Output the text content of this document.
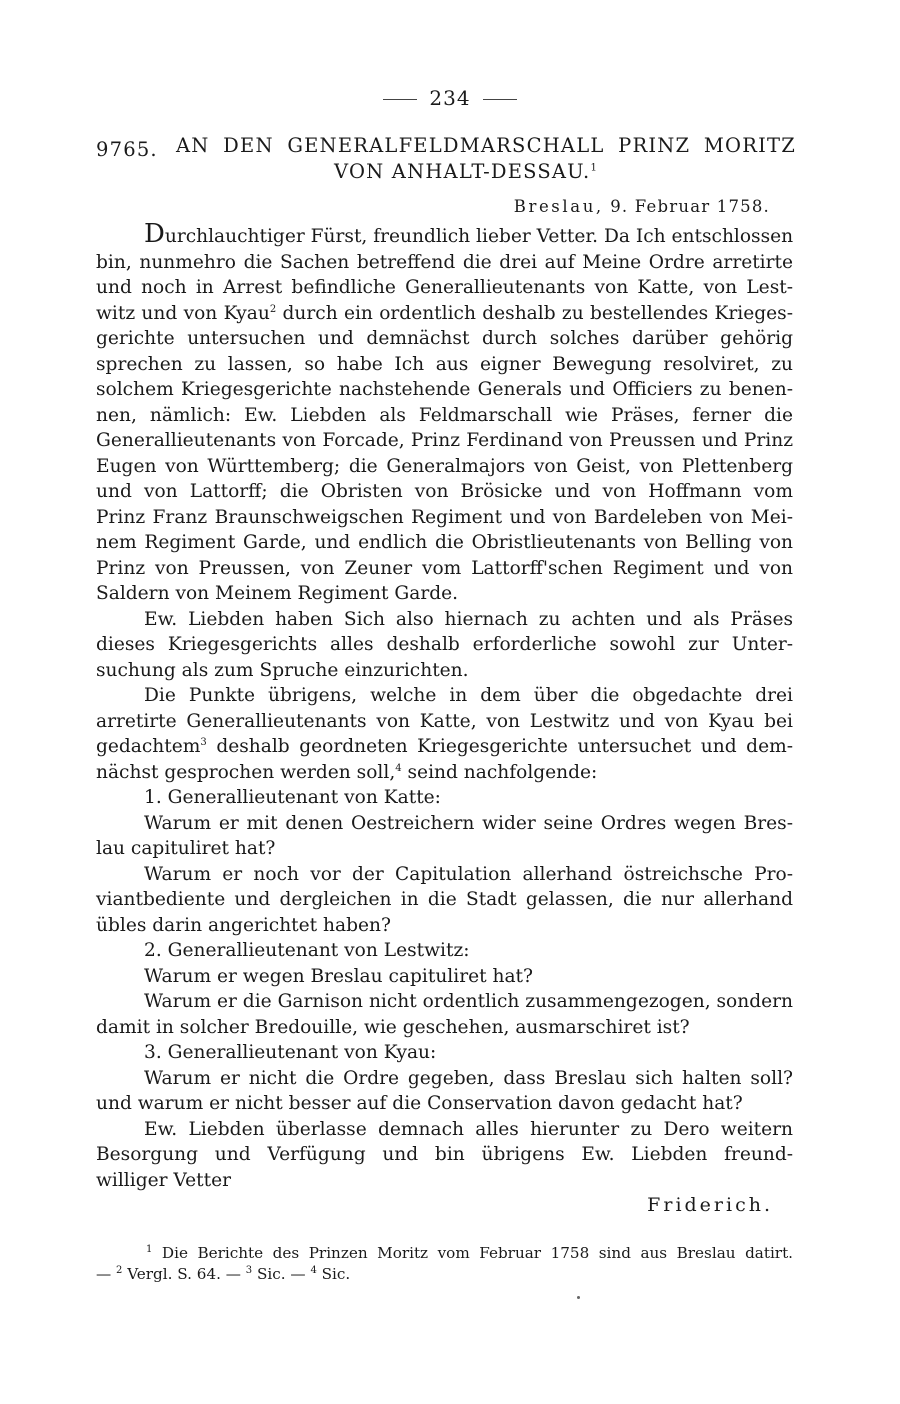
234
9765. AN DEN GENERALFELDMARSCHALL PRINZ MORITZ
VON ANHALT-DESSAU.$^1$
Breslau, 9. Februar 1758.
Durchlauchtiger Fürst, freundlich lieber Vetter. Da Ich entschlossen
bin, nunmehro die Sachen betreffend die drei auf Meine Ordre arretirte
und noch in Arrest befindliche Generallieutenants von Katte, von Lest-
witz und von Kyau$^2$ durch ein ordentlich deshalb zu bestellendes Krieges-
gerichte untersuchen und demnächst durch solches darüber gehörig
sprechen zu lassen, so habe Ich aus eigner Bewegung resolviret, zu
solchem Kriegesgerichte nachstehende Generals und Officiers zu benen-
nen, nämlich: Ew. Liebden als Feldmarschall wie Präses, ferner die
Generallieutenants von Forcade, Prinz Ferdinand von Preussen und Prinz
Eugen von Württemberg; die Generalmajors von Geist, von Plettenberg
und von Lattorff; die Obristen von Brösicke und von Hoffmann vom
Prinz Franz Braunschweigschen Regiment und von Bardeleben von Mei-
nem Regiment Garde, und endlich die Obristlieutenants von Belling von
Prinz von Preussen, von Zeuner vom Lattorff'schen Regiment und von
Saldern von Meinem Regiment Garde.
Ew. Liebden haben Sich also hiernach zu achten und als Präses
dieses Kriegesgerichts alles deshalb erforderliche sowohl zur Unter-
suchung als zum Spruche einzurichten.
Die Punkte übrigens, welche in dem über die obgedachte drei
arretirte Generallieutenants von Katte, von Lestwitz und von Kyau bei
gedachtem$^3$ deshalb geordneten Kriegesgerichte untersuchet und dem-
nächst gesprochen werden soll,$^4$ seind nachfolgende:
1. Generallieutenant von Katte:
Warum er mit denen Oestreichern wider seine Ordres wegen Bres-
lau capituliret hat?
Warum er noch vor der Capitulation allerhand östreichsche Pro-
viantbediente und dergleichen in die Stadt gelassen, die nur allerhand
übles darin angerichtet haben?
2. Generallieutenant von Lestwitz:
Warum er wegen Breslau capituliret hat?
Warum er die Garnison nicht ordentlich zusammengezogen, sondern
damit in solcher Bredouille, wie geschehen, ausmarschiret ist?
3. Generallieutenant von Kyau:
Warum er nicht die Ordre gegeben, dass Breslau sich halten soll?
und warum er nicht besser auf die Conservation davon gedacht hat?
Ew. Liebden überlasse demnach alles hierunter zu Dero weitern
Besorgung und Verfügung und bin übrigens Ew. Liebden freund-
williger Vetter
Friderich.
$^1$ Die Berichte des Prinzen Moritz vom Februar 1758 sind aus Breslau datirt.
— $^2$ Vergl. S. 64. — $^3$ Sic. — $^4$ Sic.
